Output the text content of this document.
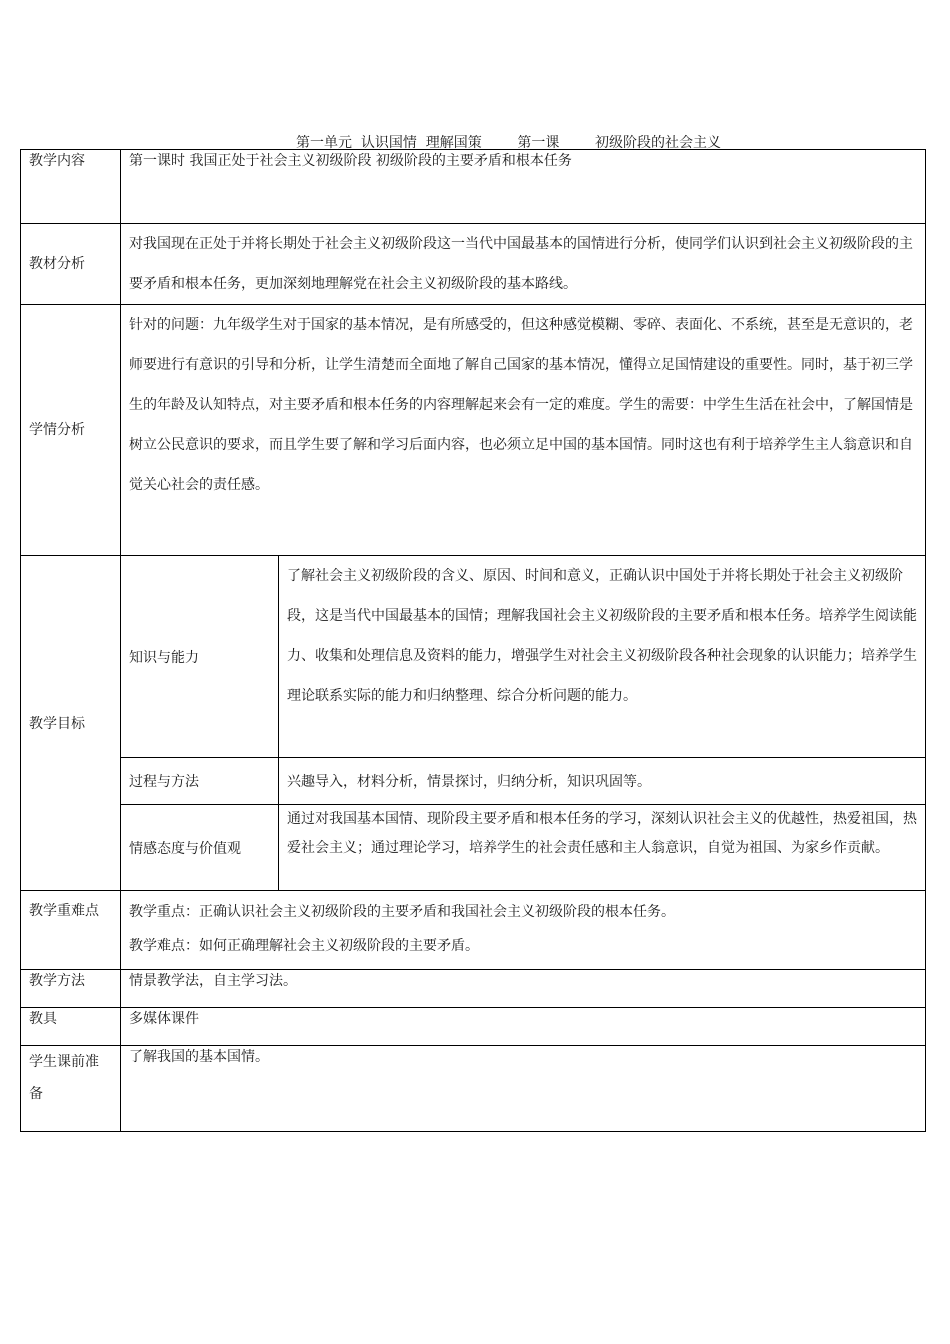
第一单元  认识国情  理解国策        第一课        初级阶段的社会主义
教学内容	第一课时 我国正处于社会主义初级阶段 初级阶段的主要矛盾和根本任务	
教材分析	对我国现在正处于并将长期处于社会主义初级阶段这一当代中国最基本的国情进行分析，使同学们认识到社会主义初级阶段的主要矛盾和根本任务，更加深刻地理解党在社会主义初级阶段的基本路线。	
学情分析	针对的问题：九年级学生对于国家的基本情况，是有所感受的，但这种感觉模糊、零碎、表面化、不系统，甚至是无意识的，老师要进行有意识的引导和分析，让学生清楚而全面地了解自己国家的基本情况，懂得立足国情建设的重要性。同时，基于初三学生的年龄及认知特点，对主要矛盾和根本任务的内容理解起来会有一定的难度。学生的需要：中学生生活在社会中，了解国情是树立公民意识的要求，而且学生要了解和学习后面内容，也必须立足中国的基本国情。同时这也有利于培养学生主人翁意识和自觉关心社会的责任感。	
教学目标	知识与能力	了解社会主义初级阶段的含义、原因、时间和意义，正确认识中国处于并将长期处于社会主义初级阶段，这是当代中国最基本的国情；理解我国社会主义初级阶段的主要矛盾和根本任务。培养学生阅读能力、收集和处理信息及资料的能力，增强学生对社会主义初级阶段各种社会现象的认识能力；培养学生理论联系实际的能力和归纳整理、综合分析问题的能力。
	过程与方法	兴趣导入，材料分析，情景探讨，归纳分析，知识巩固等。
	情感态度与价值观	通过对我国基本国情、现阶段主要矛盾和根本任务的学习，深刻认识社会主义的优越性，热爱祖国，热爱社会主义；通过理论学习，培养学生的社会责任感和主人翁意识，自觉为祖国、为家乡作贡献。
教学重难点	教学重点：正确认识社会主义初级阶段的主要矛盾和我国社会主义初级阶段的根本任务。
教学难点：如何正确理解社会主义初级阶段的主要矛盾。	

教学方法	情景教学法，自主学习法。	
教具	多媒体课件	
学生课前准备	了解我国的基本国情。	
